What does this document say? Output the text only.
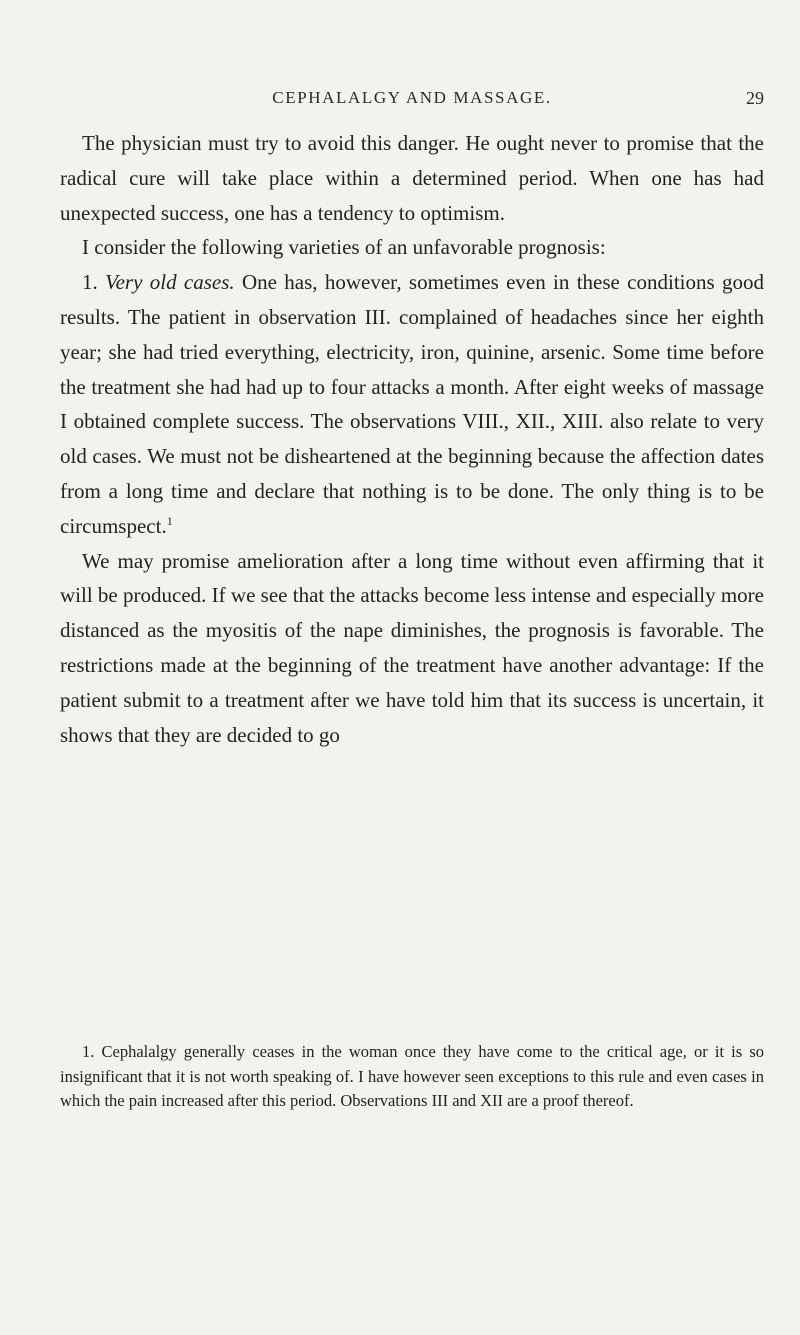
CEPHALALGY AND MASSAGE.	29

The physician must try to avoid this danger. He ought never to promise that the radical cure will take place within a determined period. When one has had unexpected success, one has a tendency to optimism.

I consider the following varieties of an unfavorable prognosis:

1. Very old cases. One has, however, sometimes even in these conditions good results. The patient in observation III. complained of headaches since her eighth year; she had tried everything, electricity, iron, quinine, arsenic. Some time before the treatment she had had up to four attacks a month. After eight weeks of massage I obtained complete success. The observations VIII., XII., XIII. also relate to very old cases. We must not be disheartened at the beginning because the affection dates from a long time and declare that nothing is to be done. The only thing is to be circumspect.$^1$

We may promise amelioration after a long time without even affirming that it will be produced. If we see that the attacks become less intense and especially more distanced as the myositis of the nape diminishes, the prognosis is favorable. The restrictions made at the beginning of the treatment have another advantage: If the patient submit to a treatment after we have told him that its success is uncertain, it shows that they are decided to go

1. Cephalalgy generally ceases in the woman once they have come to the critical age, or it is so insignificant that it is not worth speaking of. I have however seen exceptions to this rule and even cases in which the pain increased after this period. Observations III and XII are a proof thereof.
